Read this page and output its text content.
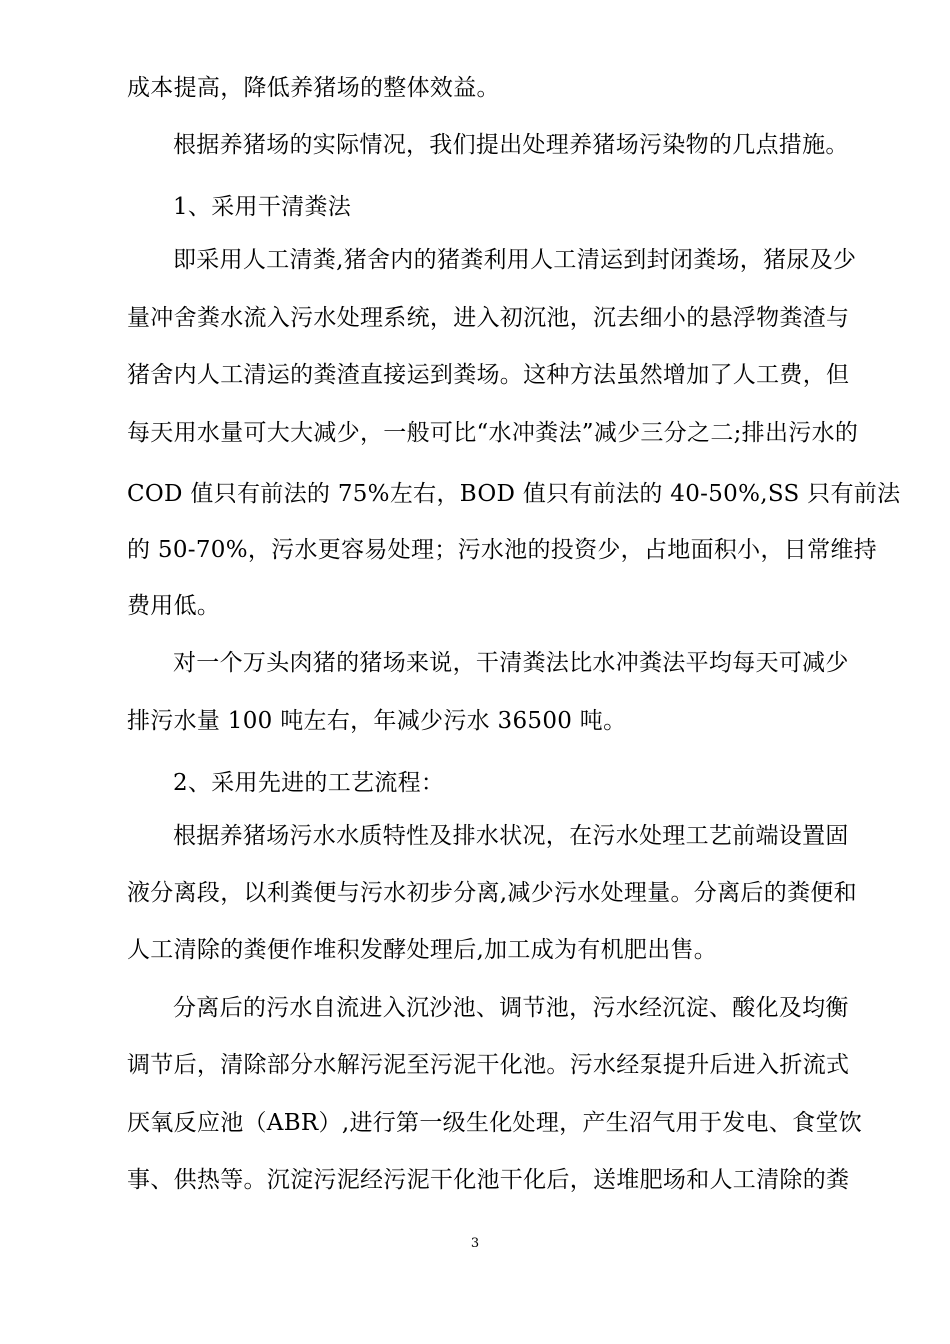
成本提高，降低养猪场的整体效益。
根据养猪场的实际情况，我们提出处理养猪场污染物的几点措施。
1、采用干清粪法
即采用人工清粪,猪舍内的猪粪利用人工清运到封闭粪场，猪尿及少
量冲舍粪水流入污水处理系统，进入初沉池，沉去细小的悬浮物粪渣与
猪舍内人工清运的粪渣直接运到粪场。这种方法虽然增加了人工费，但
每天用水量可大大减少，一般可比“水冲粪法”减少三分之二;排出污水的
COD 值只有前法的 75%左右，BOD 值只有前法的 40-50%,SS 只有前法
的 50-70%，污水更容易处理；污水池的投资少，占地面积小，日常维持
费用低。
对一个万头肉猪的猪场来说，干清粪法比水冲粪法平均每天可减少
排污水量 100 吨左右，年减少污水 36500 吨。
2、采用先进的工艺流程：
根据养猪场污水水质特性及排水状况，在污水处理工艺前端设置固
液分离段，以利粪便与污水初步分离,减少污水处理量。分离后的粪便和
人工清除的粪便作堆积发酵处理后,加工成为有机肥出售。
分离后的污水自流进入沉沙池、调节池，污水经沉淀、酸化及均衡
调节后，清除部分水解污泥至污泥干化池。污水经泵提升后进入折流式
厌氧反应池（ABR）,进行第一级生化处理，产生沼气用于发电、食堂饮
事、供热等。沉淀污泥经污泥干化池干化后，送堆肥场和人工清除的粪
3
